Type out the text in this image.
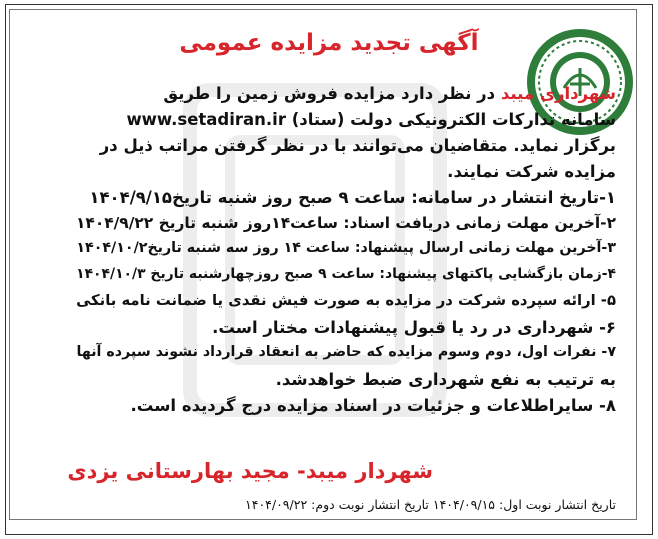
آگهی تجدید مزایده عمومی
شهرداری میبد در نظر دارد مزایده فروش زمین را طریق
سامانه تدارکات الکترونیکی دولت (ستاد) www.setadiran.ir
برگزار نماید. متقاضیان می‌توانند با در نظر گرفتن مراتب ذیل در
مزایده شرکت نمایند.
۱-تاریخ انتشار در سامانه: ساعت ۹ صبح روز شنبه تاریخ۱۴۰۴/۹/۱۵
۲-آخرین مهلت زمانی دریافت اسناد: ساعت۱۴روز شنبه تاریخ ۱۴۰۴/۹/۲۲
۳-آخرین مهلت زمانی ارسال پیشنهاد: ساعت ۱۴ روز سه شنبه تاریخ۱۴۰۴/۱۰/۲
۴-زمان بازگشایی پاکتهای پیشنهاد: ساعت ۹ صبح روزچهارشنبه تاریخ ۱۴۰۴/۱۰/۳
۵- ارائه سپرده شرکت در مزایده به صورت فیش نقدی یا ضمانت نامه بانکی
۶- شهرداری در رد یا قبول پیشنهادات مختار است.
۷- نفرات اول، دوم وسوم مزایده که حاضر به انعقاد قرارداد نشوند سپرده آنها
به ترتیب به نفع شهرداری ضبط خواهدشد.
۸- سایراطلاعات و جزئیات در اسناد مزایده درج گردیده است.
شهردار میبد- مجید بهارستانی یزدی
تاریخ انتشار نوبت اول: ۱۴۰۴/۰۹/۱۵ تاریخ انتشار نوبت دوم: ۱۴۰۴/۰۹/۲۲
